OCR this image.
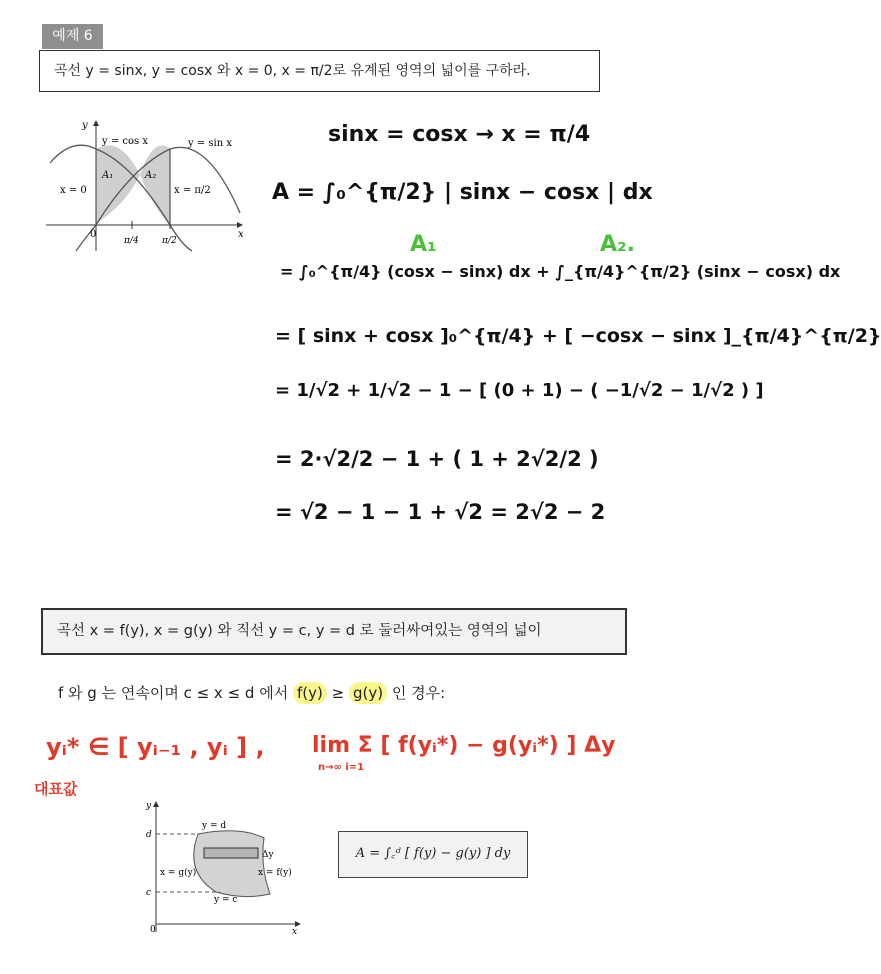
예제 6
곡선 y = sinx, y = cosx 와 x = 0, x = π/2로 유계된 영역의 넓이를 구하라.
y
x
y = cos x	y = sin x
A₁	A₂
x = 0	x = π/2
0
π/4	π/2
sinx = cosx → x = π/4
A = ∫₀^{π/2} | sinx − cosx | dx
A₁	A₂.
= ∫₀^{π/4} (cosx − sinx) dx + ∫_{π/4}^{π/2} (sinx − cosx) dx
= [ sinx + cosx ]₀^{π/4} + [ −cosx − sinx ]_{π/4}^{π/2}
= 1/√2 + 1/√2 − 1 − [ (0 + 1) − ( −1/√2 − 1/√2 ) ]
= 2·√2/2 − 1 + ( 1 + 2√2/2 )
= √2 − 1 − 1 + √2 = 2√2 − 2
곡선 x = f(y), x = g(y) 와 직선 y = c, y = d 로 둘러싸여있는 영역의 넓이
f 와 g 는 연속이며 c ≤ x ≤ d 에서 f(y) ≥ g(y) 인 경우:
yᵢ* ∈ [ yᵢ₋₁ , yᵢ ] , lim Σ [ f(yᵢ*) − g(yᵢ*) ] Δy
n→∞ i=1
대표값
y
x
d
c
0
y = d
y = c
x = g(y)	x = f(y)
Δy	A = ∫꜀ᵈ [ f(y) − g(y) ] dy
